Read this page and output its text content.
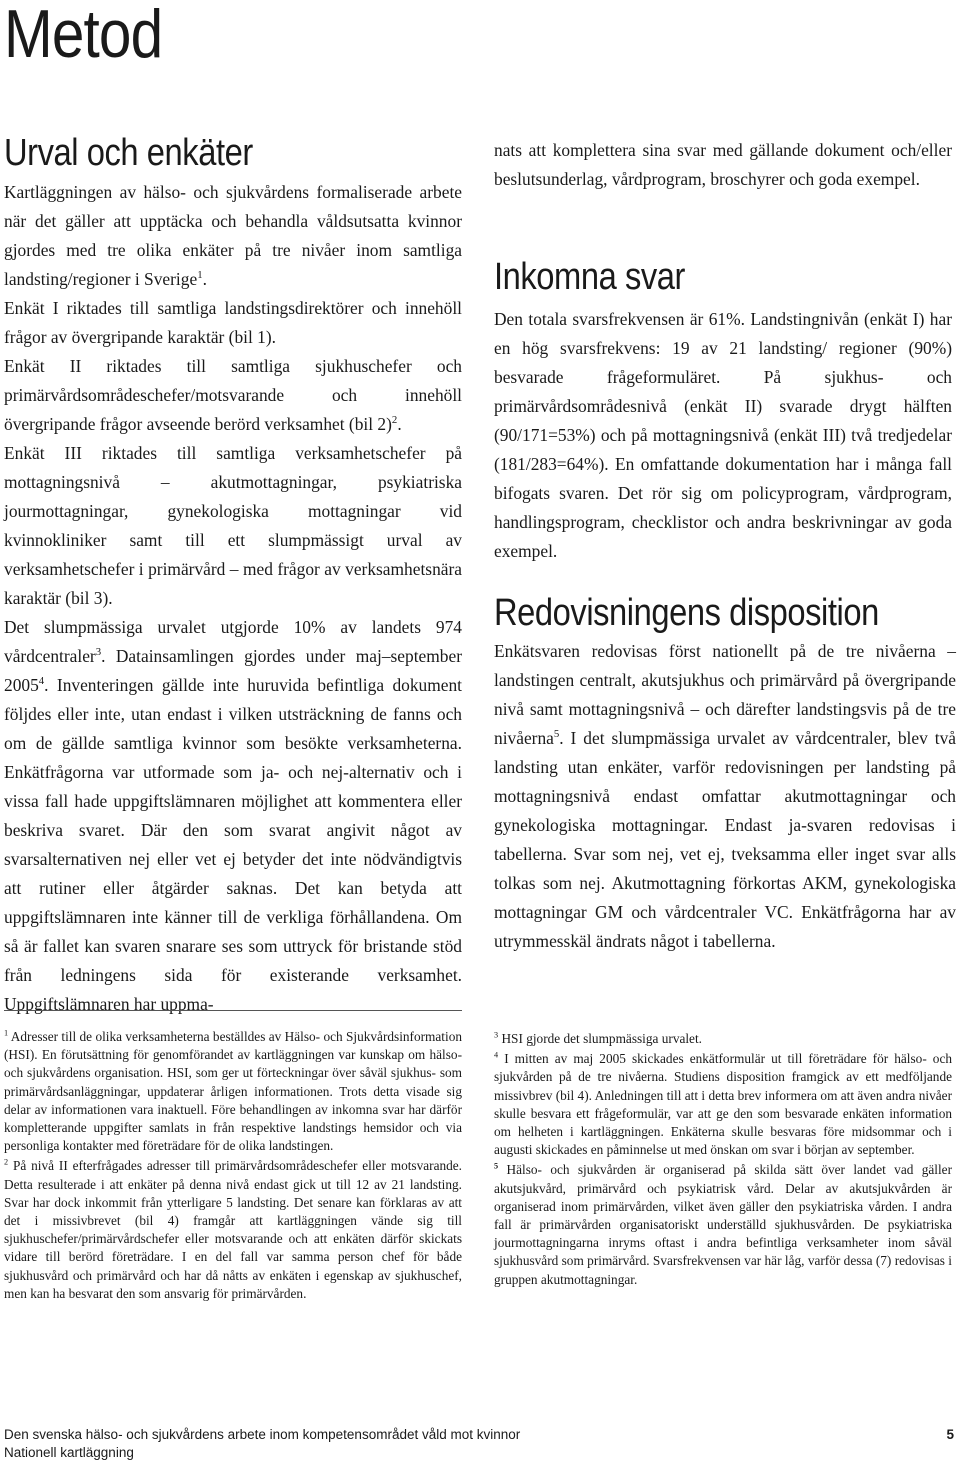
Metod
Urval och enkäter

Kartläggningen av hälso- och sjukvårdens formaliserade arbete när det gäller att upptäcka och behandla våldsutsatta kvinnor gjordes med tre olika enkäter på tre nivåer inom samtliga landsting/regioner i Sverige$^1$.

Enkät I riktades till samtliga landstingsdirektörer och innehöll frågor av övergripande karaktär (bil 1).

Enkät II riktades till samtliga sjukhuschefer och primärvårdsområdeschefer/motsvarande och innehöll övergripande frågor avseende berörd verksamhet (bil 2)$^2$.

Enkät III riktades till samtliga verksamhetschefer på mottagningsnivå – akutmottagningar, psykiatriska jourmottagningar, gynekologiska mottagningar vid kvinnokliniker samt till ett slumpmässigt urval av verksamhetschefer i primärvård – med frågor av verksamhetsnära karaktär (bil 3).

Det slumpmässiga urvalet utgjorde 10% av landets 974 vårdcentraler$^3$. Datainsamlingen gjordes under maj–september 2005$^4$. Inventeringen gällde inte huruvida befintliga dokument följdes eller inte, utan endast i vilken utsträckning de fanns och om de gällde samtliga kvinnor som besökte verksamheterna. Enkätfrågorna var utformade som ja- och nej-alternativ och i vissa fall hade uppgiftslämnaren möjlighet att kommentera eller beskriva svaret. Där den som svarat angivit något av svarsalternativen nej eller vet ej betyder det inte nödvändigtvis att rutiner eller åtgärder saknas. Det kan betyda att uppgiftslämnaren inte känner till de verkliga förhållandena. Om så är fallet kan svaren snarare ses som uttryck för bristande stöd från ledningens sida för existerande verksamhet. Uppgiftslämnaren har uppma-

$^1$ Adresser till de olika verksamheterna beställdes av Hälso- och Sjukvårdsinformation (HSI). En förutsättning för genomförandet av kartläggningen var kunskap om hälso- och sjukvårdens organisation. HSI, som ger ut förteckningar över såväl sjukhus- som primärvårdsanläggningar, uppdaterar årligen informationen. Trots detta visade sig delar av informationen vara inaktuell. Före behandlingen av inkomna svar har därför kompletterande uppgifter samlats in från respektive landstings hemsidor och via personliga kontakter med företrädare för de olika landstingen.

$^2$ På nivå II efterfrågades adresser till primärvårdsområdeschefer eller motsvarande. Detta resulterade i att enkäter på denna nivå endast gick ut till 12 av 21 landsting. Svar har dock inkommit från ytterligare 5 landsting. Det senare kan förklaras av att det i missivbrevet (bil 4) framgår att kartläggningen vände sig till sjukhuschefer/primärvårdschefer eller motsvarande och att enkäten därför skickats vidare till berörd företrädare. I en del fall var samma person chef för både sjukhusvård och primärvård och har då nåtts av enkäten i egenskap av sjukhuschef, men kan ha besvarat den som ansvarig för primärvården.

nats att komplettera sina svar med gällande dokument och/eller beslutsunderlag, vårdprogram, broschyrer och goda exempel.

Inkomna svar

Den totala svarsfrekvensen är 61%. Landstingnivån (enkät I) har en hög svarsfrekvens: 19 av 21 landsting/ regioner (90%) besvarade frågeformuläret. På sjukhus- och primärvårdsområdesnivå (enkät II) svarade drygt hälften (90/171=53%) och på mottagningsnivå (enkät III) två tredjedelar (181/283=64%). En omfattande dokumentation har i många fall bifogats svaren. Det rör sig om policyprogram, vårdprogram, handlingsprogram, checklistor och andra beskrivningar av goda exempel.

Redovisningens disposition

Enkätsvaren redovisas först nationellt på de tre nivåerna – landstingen centralt, akutsjukhus och primärvård på övergripande nivå samt mottagningsnivå – och därefter landstingsvis på de tre nivåerna$^5$. I det slumpmässiga urvalet av vårdcentraler, blev två landsting utan enkäter, varför redovisningen per landsting på mottagningsnivå endast omfattar akutmottagningar och gynekologiska mottagningar. Endast ja-svaren redovisas i tabellerna. Svar som nej, vet ej, tveksamma eller inget svar alls tolkas som nej. Akutmottagning förkortas AKM, gynekologiska mottagningar GM och vårdcentraler VC. Enkätfrågorna har av utrymmesskäl ändrats något i tabellerna.

$^3$ HSI gjorde det slumpmässiga urvalet.

$^4$ I mitten av maj 2005 skickades enkätformulär ut till företrädare för hälso- och sjukvården på de tre nivåerna. Studiens disposition framgick av ett medföljande missivbrev (bil 4). Anledningen till att i detta brev informera om att även andra nivåer skulle besvara ett frågeformulär, var att ge den som besvarade enkäten information om helheten i kartläggningen. Enkäterna skulle besvaras före midsommar och i augusti skickades en påminnelse ut med önskan om svar i början av september.

$^5$ Hälso- och sjukvården är organiserad på skilda sätt över landet vad gäller akutsjukvård, primärvård och psykiatrisk vård. Delar av akutsjukvården är organiserad inom primärvården, vilket även gäller den psykiatriska vården. I andra fall är primärvården organisatoriskt underställd sjukhusvården. De psykiatriska jourmottagningarna inryms oftast i andra befintliga verksamheter inom såväl sjukhusvård som primärvård. Svarsfrekvensen var här låg, varför dessa (7) redovisas i gruppen akutmottagningar.

Den svenska hälso- och sjukvårdens arbete inom kompetensområdet våld mot kvinnor
Nationell kartläggning
5
